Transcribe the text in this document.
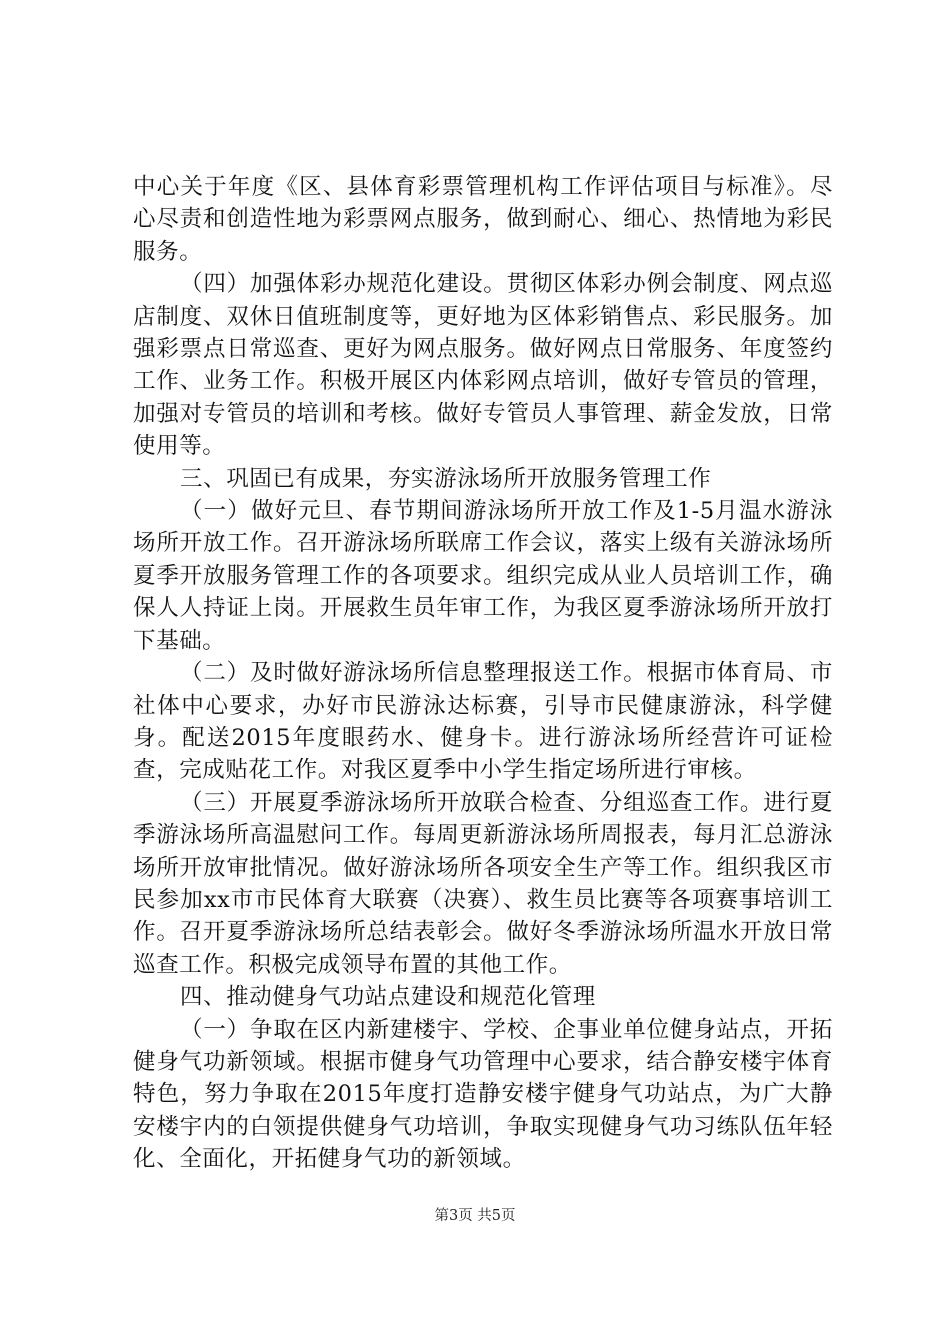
中心关于年度《区、县体育彩票管理机构工作评估项目与标准》。尽心尽责和创造性地为彩票网点服务，做到耐心、细心、热情地为彩民服务。

（四）加强体彩办规范化建设。贯彻区体彩办例会制度、网点巡店制度、双休日值班制度等，更好地为区体彩销售点、彩民服务。加强彩票点日常巡查、更好为网点服务。做好网点日常服务、年度签约工作、业务工作。积极开展区内体彩网点培训，做好专管员的管理，加强对专管员的培训和考核。做好专管员人事管理、薪金发放，日常使用等。

三、巩固已有成果，夯实游泳场所开放服务管理工作

（一）做好元旦、春节期间游泳场所开放工作及1-5月温水游泳场所开放工作。召开游泳场所联席工作会议，落实上级有关游泳场所夏季开放服务管理工作的各项要求。组织完成从业人员培训工作，确保人人持证上岗。开展救生员年审工作，为我区夏季游泳场所开放打下基础。

（二）及时做好游泳场所信息整理报送工作。根据市体育局、市社体中心要求，办好市民游泳达标赛，引导市民健康游泳，科学健身。配送2015年度眼药水、健身卡。进行游泳场所经营许可证检查，完成贴花工作。对我区夏季中小学生指定场所进行审核。

（三）开展夏季游泳场所开放联合检查、分组巡查工作。进行夏季游泳场所高温慰问工作。每周更新游泳场所周报表，每月汇总游泳场所开放审批情况。做好游泳场所各项安全生产等工作。组织我区市民参加xx市市民体育大联赛（决赛）、救生员比赛等各项赛事培训工作。召开夏季游泳场所总结表彰会。做好冬季游泳场所温水开放日常巡查工作。积极完成领导布置的其他工作。

四、推动健身气功站点建设和规范化管理

（一）争取在区内新建楼宇、学校、企事业单位健身站点，开拓健身气功新领域。根据市健身气功管理中心要求，结合静安楼宇体育特色，努力争取在2015年度打造静安楼宇健身气功站点，为广大静安楼宇内的白领提供健身气功培训，争取实现健身气功习练队伍年轻化、全面化，开拓健身气功的新领域。

第3页 共5页
